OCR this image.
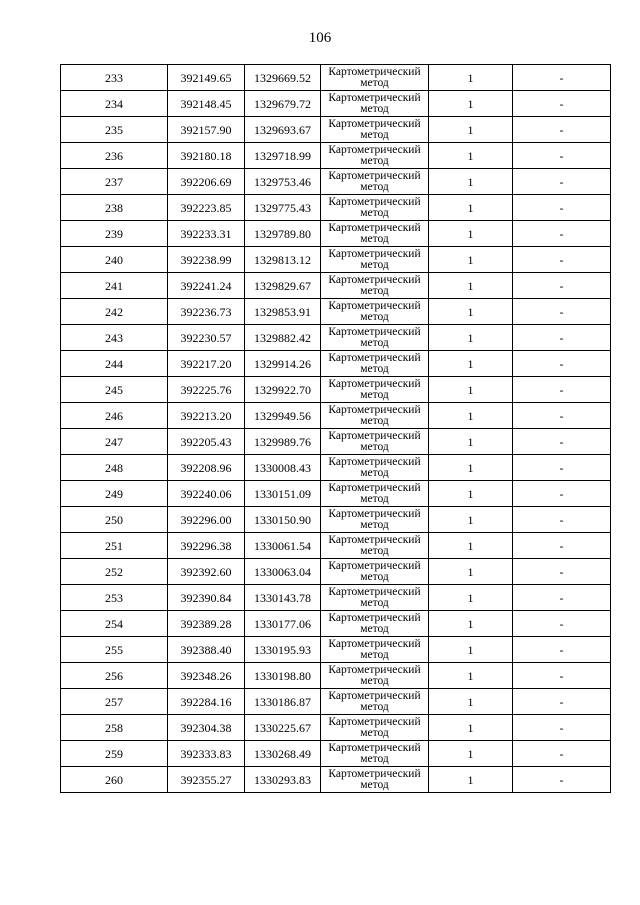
106
233	392149.65	1329669.52	Картометрический метод	1	-
234	392148.45	1329679.72	Картометрический метод	1	-
235	392157.90	1329693.67	Картометрический метод	1	-
236	392180.18	1329718.99	Картометрический метод	1	-
237	392206.69	1329753.46	Картометрический метод	1	-
238	392223.85	1329775.43	Картометрический метод	1	-
239	392233.31	1329789.80	Картометрический метод	1	-
240	392238.99	1329813.12	Картометрический метод	1	-
241	392241.24	1329829.67	Картометрический метод	1	-
242	392236.73	1329853.91	Картометрический метод	1	-
243	392230.57	1329882.42	Картометрический метод	1	-
244	392217.20	1329914.26	Картометрический метод	1	-
245	392225.76	1329922.70	Картометрический метод	1	-
246	392213.20	1329949.56	Картометрический метод	1	-
247	392205.43	1329989.76	Картометрический метод	1	-
248	392208.96	1330008.43	Картометрический метод	1	-
249	392240.06	1330151.09	Картометрический метод	1	-
250	392296.00	1330150.90	Картометрический метод	1	-
251	392296.38	1330061.54	Картометрический метод	1	-
252	392392.60	1330063.04	Картометрический метод	1	-
253	392390.84	1330143.78	Картометрический метод	1	-
254	392389.28	1330177.06	Картометрический метод	1	-
255	392388.40	1330195.93	Картометрический метод	1	-
256	392348.26	1330198.80	Картометрический метод	1	-
257	392284.16	1330186.87	Картометрический метод	1	-
258	392304.38	1330225.67	Картометрический метод	1	-
259	392333.83	1330268.49	Картометрический метод	1	-
260	392355.27	1330293.83	Картометрический метод	1	-
